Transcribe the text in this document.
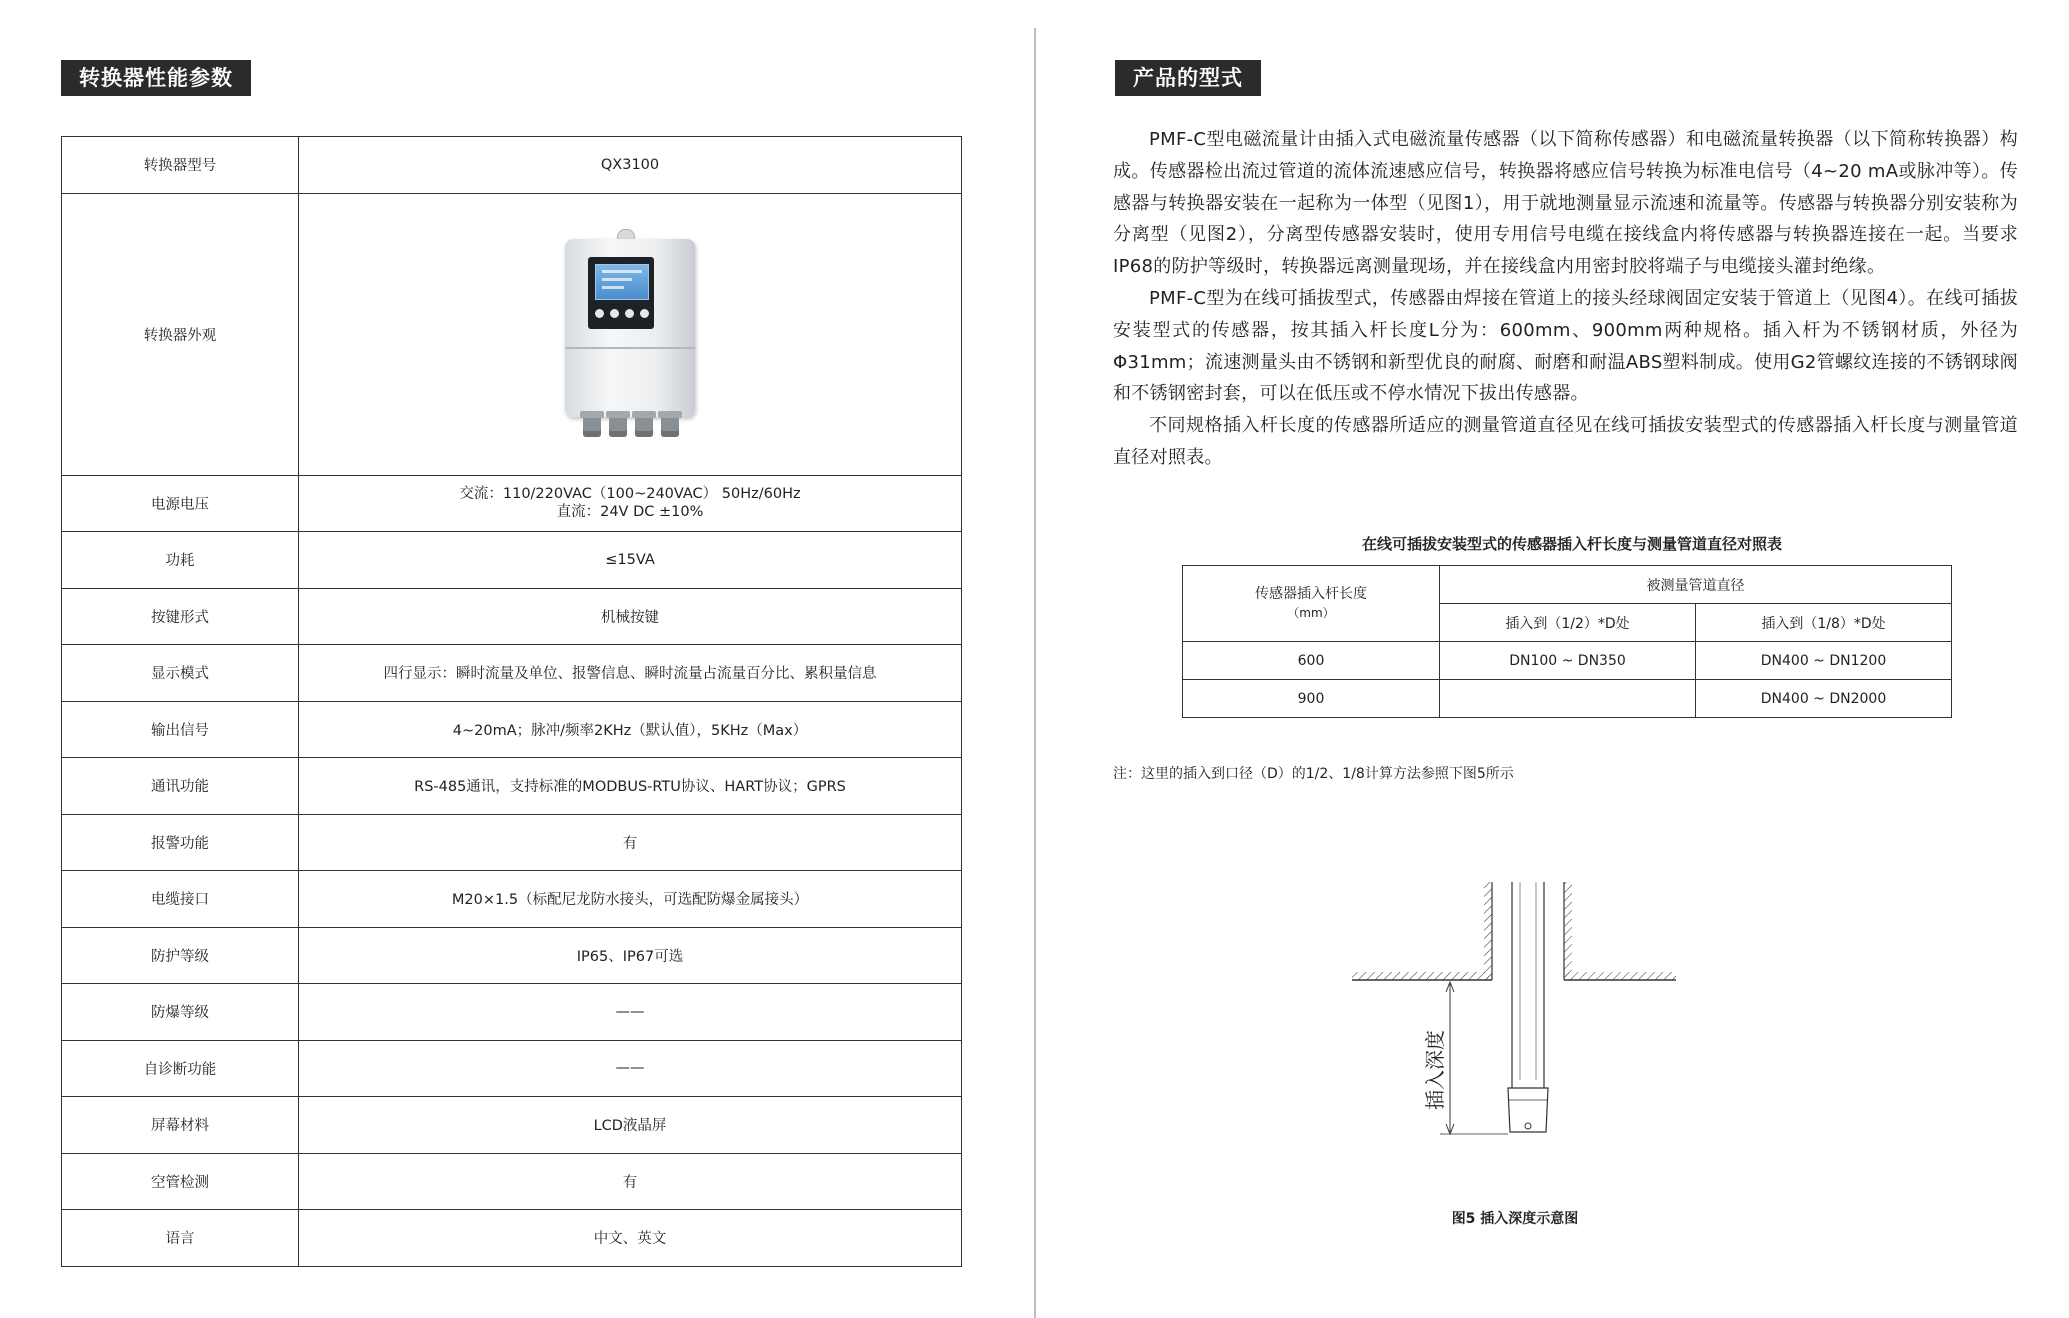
转换器性能参数
转换器型号	QX3100
转换器外观	

电源电压	交流：110/220VAC（100~240VAC） 50Hz/60Hz
直流：24V DC ±10%

功耗	≤15VA
按键形式	机械按键
显示模式	四行显示：瞬时流量及单位、报警信息、瞬时流量占流量百分比、累积量信息
输出信号	4~20mA；脉冲/频率2KHz（默认值），5KHz（Max）
通讯功能	RS-485通讯，支持标准的MODBUS-RTU协议、HART协议；GPRS
报警功能	有
电缆接口	M20×1.5（标配尼龙防水接头，可选配防爆金属接头）
防护等级	IP65、IP67可选
防爆等级	——
自诊断功能	——
屏幕材料	LCD液晶屏
空管检测	有
语言	中文、英文
产品的型式

PMF-C型电磁流量计由插入式电磁流量传感器（以下简称传感器）和电磁流量转换器（以下简称转换器）构成。传感器检出流过管道的流体流速感应信号，转换器将感应信号转换为标准电信号（4~20 mA或脉冲等）。传感器与转换器安装在一起称为一体型（见图1），用于就地测量显示流速和流量等。传感器与转换器分别安装称为分离型（见图2），分离型传感器安装时，使用专用信号电缆在接线盒内将传感器与转换器连接在一起。当要求IP68的防护等级时，转换器远离测量现场，并在接线盒内用密封胶将端子与电缆接头灌封绝缘。

PMF-C型为在线可插拔型式，传感器由焊接在管道上的接头经球阀固定安装于管道上（见图4）。在线可插拔安装型式的传感器，按其插入杆长度L分为：600mm、900mm两种规格。插入杆为不锈钢材质，外径为Φ31mm；流速测量头由不锈钢和新型优良的耐腐、耐磨和耐温ABS塑料制成。使用G2管螺纹连接的不锈钢球阀和不锈钢密封套，可以在低压或不停水情况下拔出传感器。

不同规格插入杆长度的传感器所适应的测量管道直径见在线可插拔安装型式的传感器插入杆长度与测量管道直径对照表。

在线可插拔安装型式的传感器插入杆长度与测量管道直径对照表
传感器插入杆长度
（mm）	被测量管道直径	
	插入到（1/2）*D处	插入到（1/8）*D处
600	DN100 ~ DN350	DN400 ~ DN1200
900		DN400 ~ DN2000
注：这里的插入到口径（D）的1/2、1/8计算方法参照下图5所示
插入深度
图5 插入深度示意图
